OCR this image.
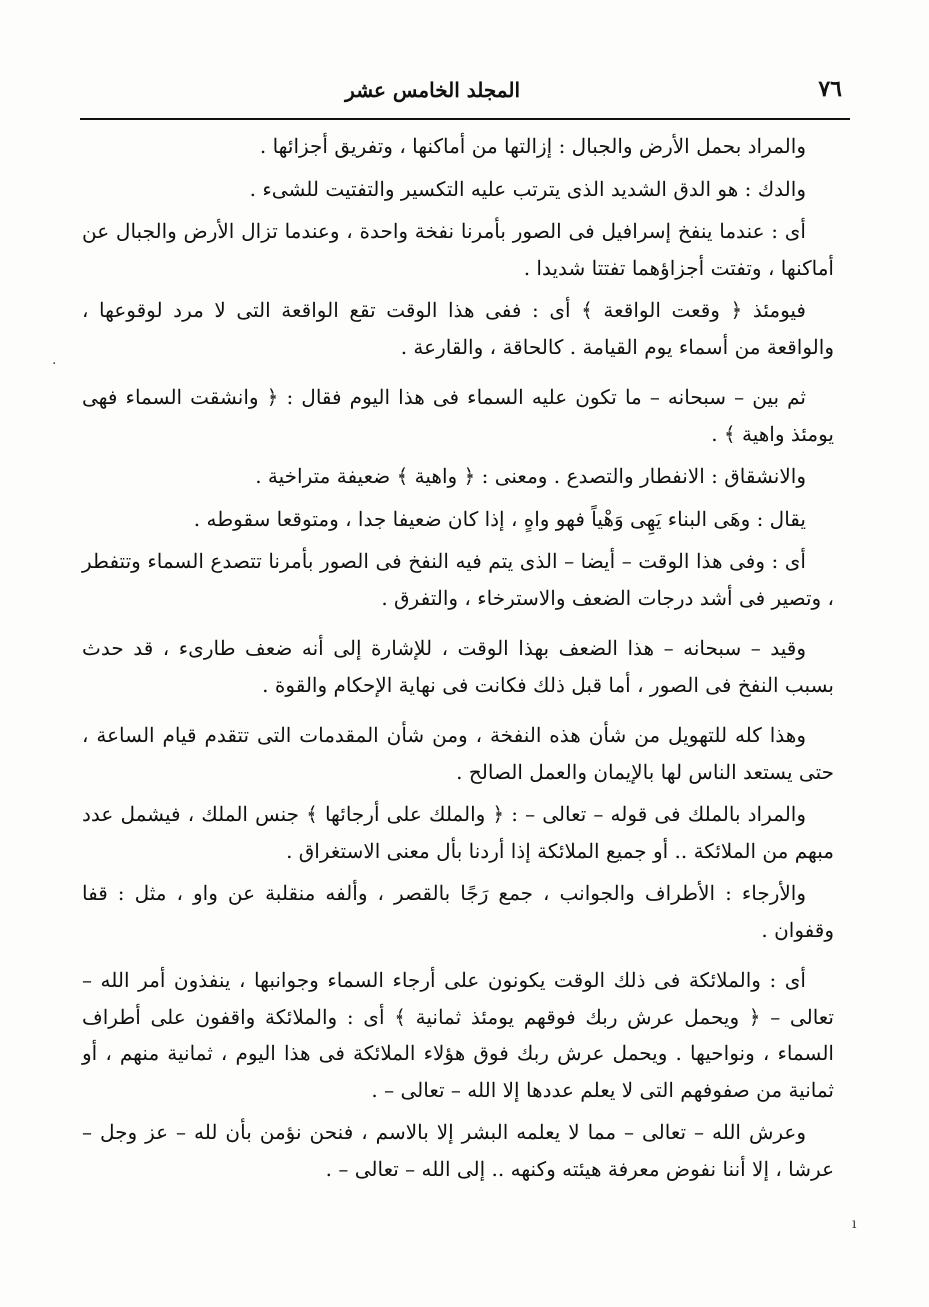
٧٦
المجلد الخامس عشر

والمراد بحمل الأرض والجبال : إزالتها من أماكنها ، وتفريق أجزائها .

والدك : هو الدق الشديد الذى يترتب عليه التكسير والتفتيت للشىء .

أى : عندما ينفخ إسرافيل فى الصور بأمرنا نفخة واحدة ، وعندما تزال الأرض والجبال عن أماكنها ، وتفتت أجزاؤهما تفتتا شديدا .

فيومئذ ﴿ وقعت الواقعة ﴾ أى : ففى هذا الوقت تقع الواقعة التى لا مرد لوقوعها ، والواقعة من أسماء يوم القيامة . كالحاقة ، والقارعة .

ثم بين – سبحانه – ما تكون عليه السماء فى هذا اليوم فقال : ﴿ وانشقت السماء فهى يومئذ واهية ﴾ .

والانشقاق : الانفطار والتصدع . ومعنى : ﴿ واهية ﴾ ضعيفة متراخية .

يقال : وهَى البناء يَهِى وَهْياً فهو واهٍ ، إذا كان ضعيفا جدا ، ومتوقعا سقوطه .

أى : وفى هذا الوقت – أيضا – الذى يتم فيه النفخ فى الصور بأمرنا تتصدع السماء وتتفطر ، وتصير فى أشد درجات الضعف والاسترخاء ، والتفرق .

وقيد – سبحانه – هذا الضعف بهذا الوقت ، للإشارة إلى أنه ضعف طارىء ، قد حدث بسبب النفخ فى الصور ، أما قبل ذلك فكانت فى نهاية الإحكام والقوة .

وهذا كله للتهويل من شأن هذه النفخة ، ومن شأن المقدمات التى تتقدم قيام الساعة ، حتى يستعد الناس لها بالإيمان والعمل الصالح .

والمراد بالملك فى قوله – تعالى – : ﴿ والملك على أرجائها ﴾ جنس الملك ، فيشمل عدد مبهم من الملائكة .. أو جميع الملائكة إذا أردنا بأل معنى الاستغراق .

والأرجاء : الأطراف والجوانب ، جمع رَجًا بالقصر ، وألفه منقلبة عن واو ، مثل : قفا وقفوان .

أى : والملائكة فى ذلك الوقت يكونون على أرجاء السماء وجوانبها ، ينفذون أمر الله – تعالى – ﴿ ويحمل عرش ربك فوقهم يومئذ ثمانية ﴾ أى : والملائكة واقفون على أطراف السماء ، ونواحيها . ويحمل عرش ربك فوق هؤلاء الملائكة فى هذا اليوم ، ثمانية منهم ، أو ثمانية من صفوفهم التى لا يعلم عددها إلا الله – تعالى – .

وعرش الله – تعالى – مما لا يعلمه البشر إلا بالاسم ، فنحن نؤمن بأن لله – عز وجل – عرشا ، إلا أننا نفوض معرفة هيئته وكنهه .. إلى الله – تعالى – .

·
ı
